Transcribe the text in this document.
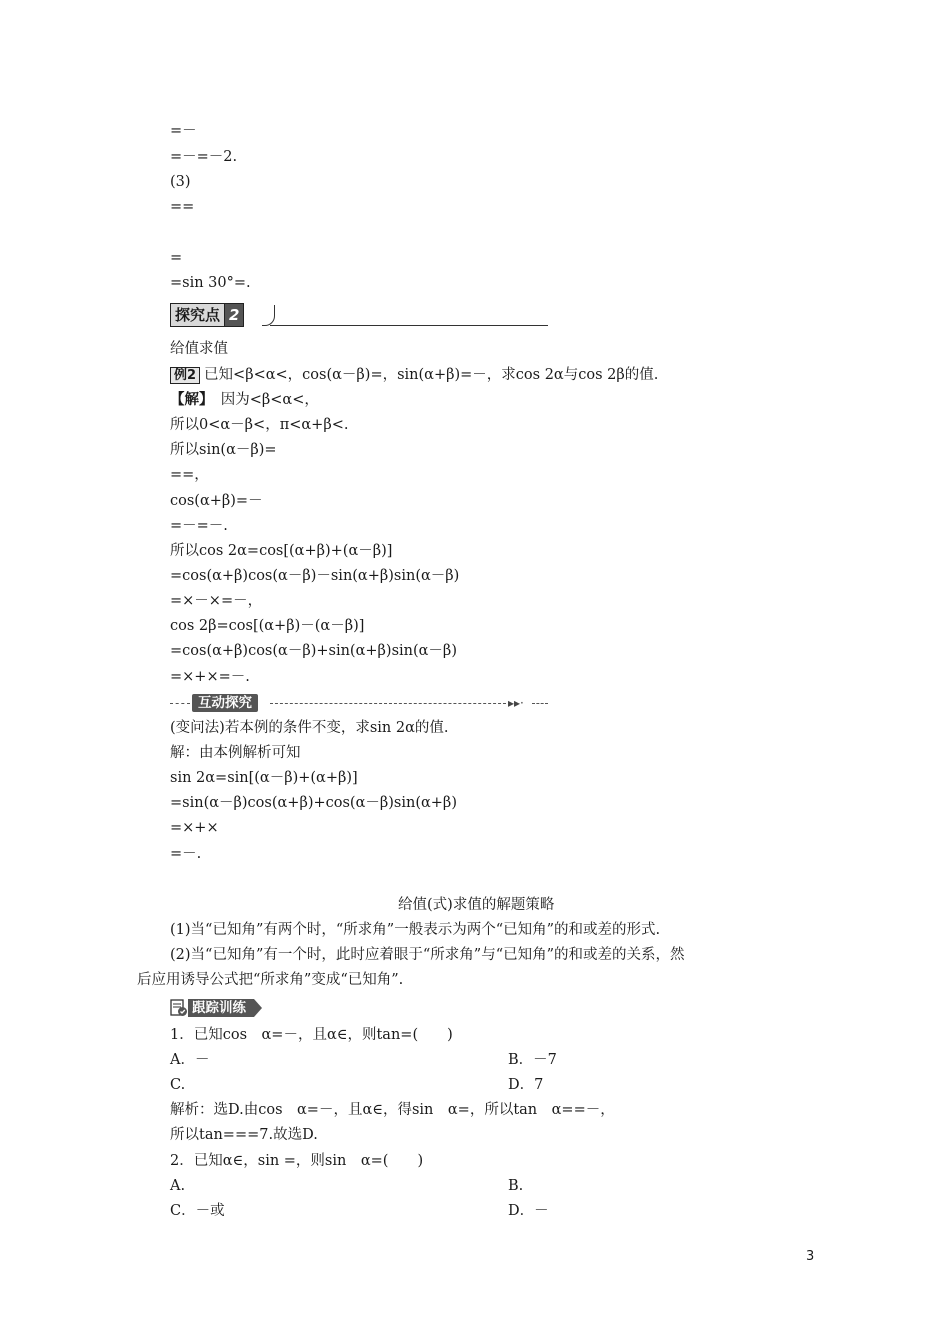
=－
=－=－2.
(3)
==
=
=sin 30°=.
探究点 2
给值求值
例2 已知<β<α<，cos(α－β)=，sin(α+β)=－，求cos 2α与cos 2β的值.
【解】　 因为<β<α<，
所以0<α－β<，π<α+β<.
所以sin(α－β)=
==，
cos(α+β)=－
=－=－.
所以cos 2α=cos[(α+β)+(α－β)]
=cos(α+β)cos(α－β)－sin(α+β)sin(α－β)
=×－×=－，
cos 2β=cos[(α+β)－(α－β)]
=cos(α+β)cos(α－β)+sin(α+β)sin(α－β)
=×+×=－.
互动探究	▸▸·
(变问法)若本例的条件不变，求sin 2α的值.
解：由本例解析可知
sin 2α=sin[(α－β)+(α+β)]
=sin(α－β)cos(α+β)+cos(α－β)sin(α+β)
=×+×
=－.
给值(式)求值的解题策略
(1)当“已知角”有两个时，“所求角”一般表示为两个“已知角”的和或差的形式.
(2)当“已知角”有一个时，此时应着眼于“所求角”与“已知角”的和或差的关系，然
后应用诱导公式把“所求角”变成“已知角”.
跟踪训练
1．已知cos　α=－，且α∈，则tan=(　　)
A．－	B．－7
C.	D．7
解析：选D.由cos　α=－，且α∈，得sin　α=，所以tan　α==－，
所以tan===7.故选D.
2．已知α∈，sin =，则sin　α=(　　)
A.	B.
C．－或	D．－
3
